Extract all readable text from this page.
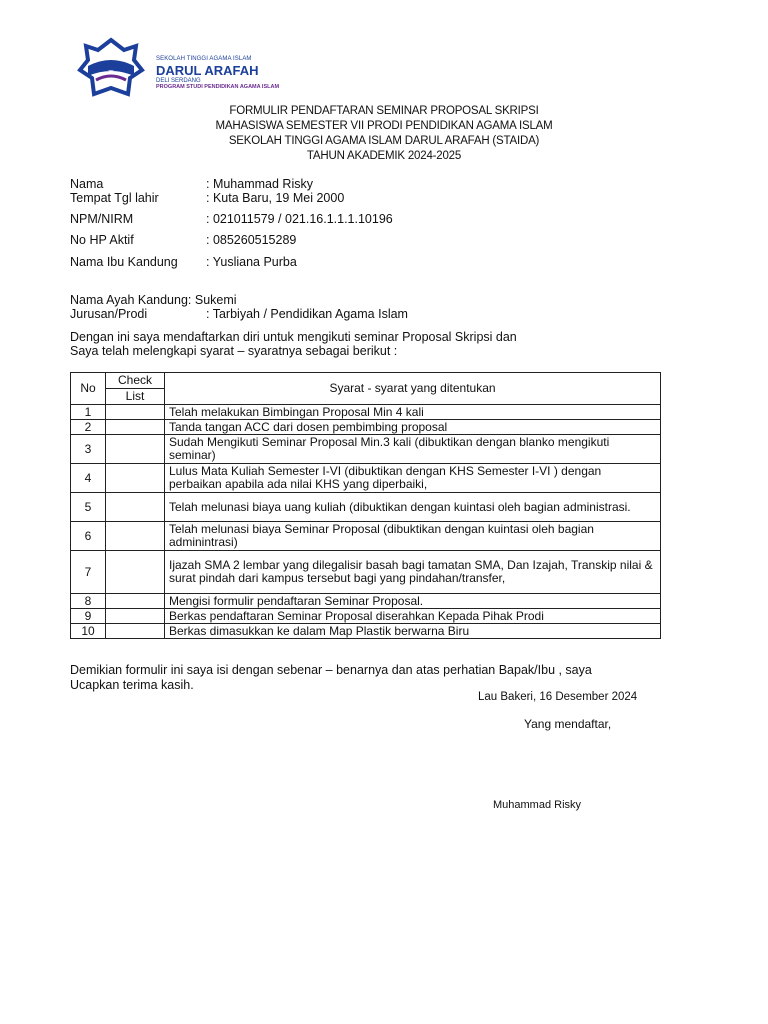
~
SEKOLAH TINGGI AGAMA ISLAM
DARUL ARAFAH
DELI SERDANG
PROGRAM STUDI PENDIDIKAN AGAMA ISLAM
FORMULIR PENDAFTARAN SEMINAR PROPOSAL SKRIPSI
MAHASISWA SEMESTER VII PRODI PENDIDIKAN AGAMA ISLAM
SEKOLAH TINGGI AGAMA ISLAM DARUL ARAFAH (STAIDA)
TAHUN AKADEMIK 2024-2025
Nama	: Muhammad Risky
Tempat Tgl lahir	: Kuta Baru, 19 Mei 2000
NPM/NIRM	: 021011579 / 021.16.1.1.1.10196
No HP Aktif	: 085260515289
Nama Ibu Kandung : Yusliana Purba
Nama Ayah Kandung: Sukemi
Jurusan/Prodi	: Tarbiyah / Pendidikan Agama Islam
Dengan ini saya mendaftarkan diri untuk mengikuti seminar Proposal Skripsi dan
Saya telah melengkapi syarat – syaratnya sebagai berikut :
No	Check	Syarat - syarat yang ditentukan
	List	
1		Telah melakukan Bimbingan Proposal Min 4 kali
2		Tanda tangan ACC dari dosen pembimbing proposal
3		Sudah Mengikuti Seminar Proposal Min.3 kali (dibuktikan dengan blanko mengikuti seminar)
4		Lulus Mata Kuliah Semester I-VI (dibuktikan dengan KHS Semester I-VI ) dengan perbaikan apabila ada nilai KHS yang diperbaiki,
5		Telah melunasi biaya uang kuliah (dibuktikan dengan kuintasi oleh bagian administrasi.
6		Telah melunasi biaya Seminar Proposal (dibuktikan dengan kuintasi oleh bagian adminintrasi)
7		Ijazah SMA 2 lembar yang dilegalisir basah bagi tamatan SMA, Dan Izajah, Transkip nilai & surat pindah dari kampus tersebut bagi yang pindahan/transfer,
8		Mengisi formulir pendaftaran Seminar Proposal.
9		Berkas pendaftaran Seminar Proposal diserahkan Kepada Pihak Prodi
10		Berkas dimasukkan ke dalam Map Plastik berwarna Biru
Demikian formulir ini saya isi dengan sebenar – benarnya dan atas perhatian Bapak/Ibu , saya
Ucapkan terima kasih.
Lau Bakeri, 16 Desember 2024
Yang mendaftar,
Muhammad Risky
